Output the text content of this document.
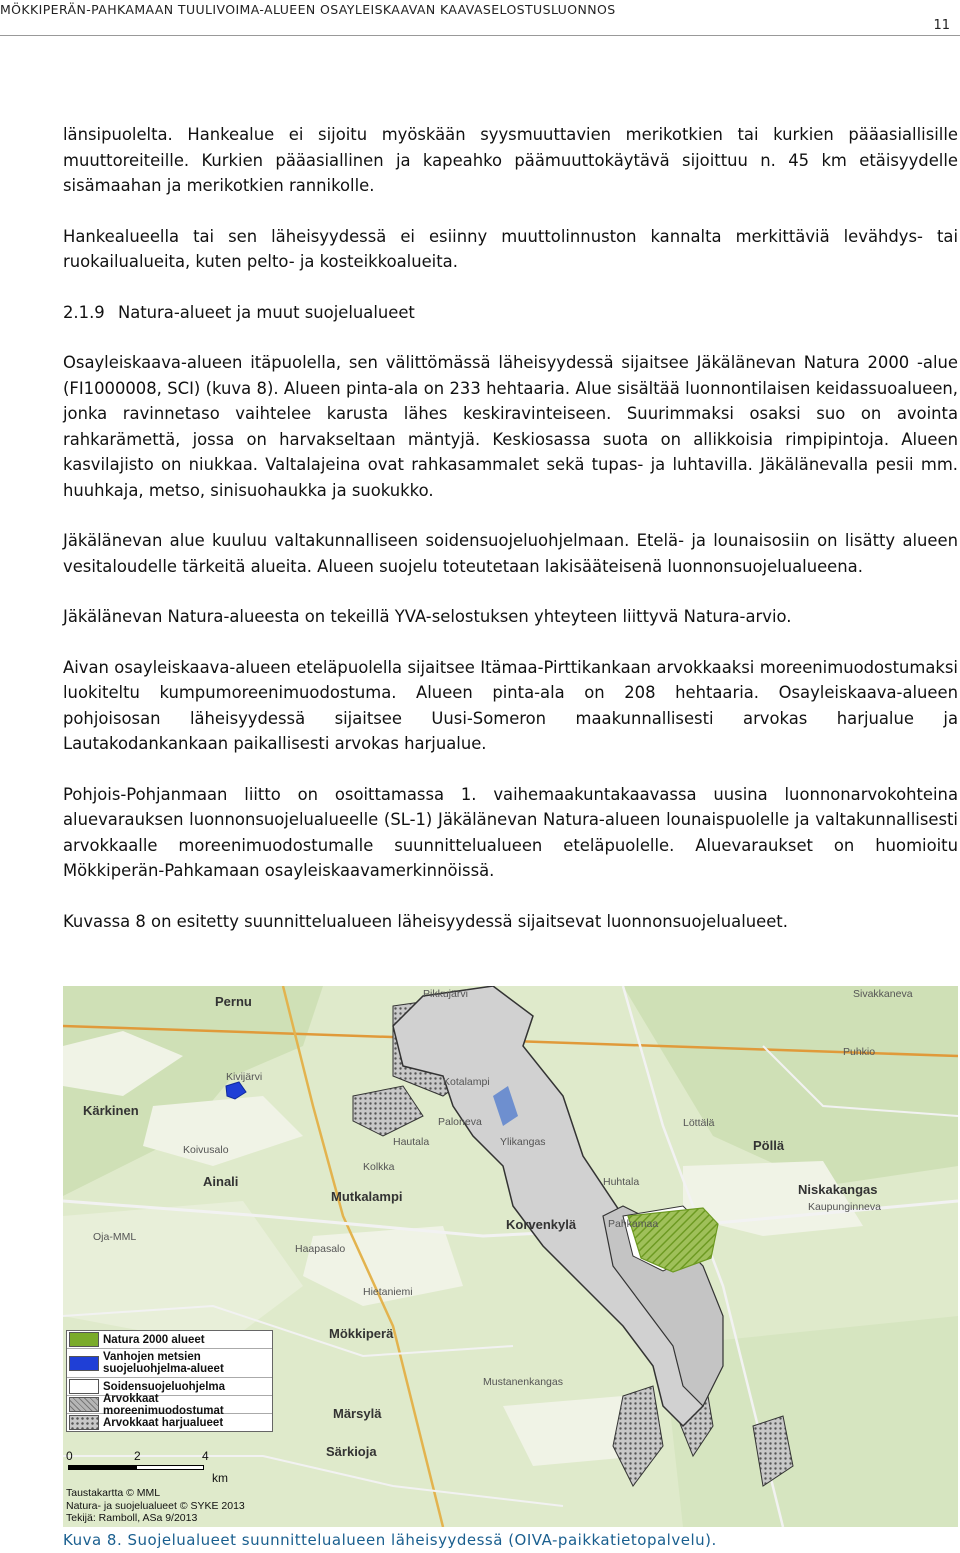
MÖKKIPERÄN-PAHKAMAAN TUULIVOIMA-ALUEEN OSAYLEISKAAVAN KAAVASELOSTUSLUONNOS
11

länsipuolelta. Hankealue ei sijoitu myöskään syysmuuttavien merikotkien tai kurkien pääasiallisille muuttoreiteille. Kurkien pääasiallinen ja kapeahko päämuuttokäytävä sijoittuu n. 45 km etäisyydelle sisämaahan ja merikotkien rannikolle.

Hankealueella tai sen läheisyydessä ei esiinny muuttolinnuston kannalta merkittäviä levähdys- tai ruokailualueita, kuten pelto- ja kosteikkoalueita.

2.1.9 Natura-alueet ja muut suojelualueet

Osayleiskaava-alueen itäpuolella, sen välittömässä läheisyydessä sijaitsee Jäkälänevan Natura 2000 -alue (FI1000008, SCI) (kuva 8). Alueen pinta-ala on 233 hehtaaria. Alue sisältää luonnontilaisen keidassuoalueen, jonka ravinnetaso vaihtelee karusta lähes keskiravinteiseen. Suurimmaksi osaksi suo on avointa rahkarämettä, jossa on harvakseltaan mäntyjä. Keskiosassa suota on allikkoisia rimpipintoja. Alueen kasvilajisto on niukkaa. Valtalajeina ovat rahkasammalet sekä tupas- ja luhtavilla. Jäkälänevalla pesii mm. huuhkaja, metso, sinisuohaukka ja suokukko.

Jäkälänevan alue kuuluu valtakunnalliseen soidensuojeluohjelmaan. Etelä- ja lounaisosiin on lisätty alueen vesitaloudelle tärkeitä alueita. Alueen suojelu toteutetaan lakisääteisenä luonnonsuojelualueena.

Jäkälänevan Natura-alueesta on tekeillä YVA-selostuksen yhteyteen liittyvä Natura-arvio.

Aivan osayleiskaava-alueen eteläpuolella sijaitsee Itämaa-Pirttikankaan arvokkaaksi moreenimuodostumaksi luokiteltu kumpumoreenimuodostuma. Alueen pinta-ala on 208 hehtaaria. Osayleiskaava-alueen pohjoisosan läheisyydessä sijaitsee Uusi-Someron maakunnallisesti arvokas harjualue ja Lautakodankankaan paikallisesti arvokas harjualue.

Pohjois-Pohjanmaan liitto on osoittamassa 1. vaihemaakuntakaavassa uusina luonnonarvokohteina aluevarauksen luonnonsuojelualueelle (SL-1) Jäkälänevan Natura-alueen lounaispuolelle ja valtakunnallisesti arvokkaalle moreenimuodostumalle suunnittelualueen eteläpuolelle. Aluevaraukset on huomioitu Mökkiperän-Pahkamaan osayleiskaavamerkinnöissä.

Kuvassa 8 on esitetty suunnittelualueen läheisyydessä sijaitsevat luonnonsuojelualueet.

Pernu
Kärkinen
Ainali
Mutkalampi
Korvenkylä
Mökkiperä
Märsylä
Särkioja
Kivijärvi
Kolkka
Koivusalo
Oja-MML
Paloneva
Hautala	Ylikangas
Haapasalo
Löttälä
Kotalampi
Huhtala
Hietaniemi
Mustanenkangas
Pöllä
Niskakangas
Kaupunginneva
Puhkio
Pahkamaa
Sivakkaneva
Pikkujärvi
Natura 2000 alueet
Vanhojen metsien suojeluohjelma-alueet
Soidensuojeluohjelma
Arvokkaat moreenimuodostumat
Arvokkaat harjualueet
0	2	4
km
Taustakartta © MML
Natura- ja suojelualueet © SYKE 2013
Tekijä: Ramboll, ASa 9/2013
Kuva 8. Suojelualueet suunnittelualueen läheisyydessä (OIVA-paikkatietopalvelu).
